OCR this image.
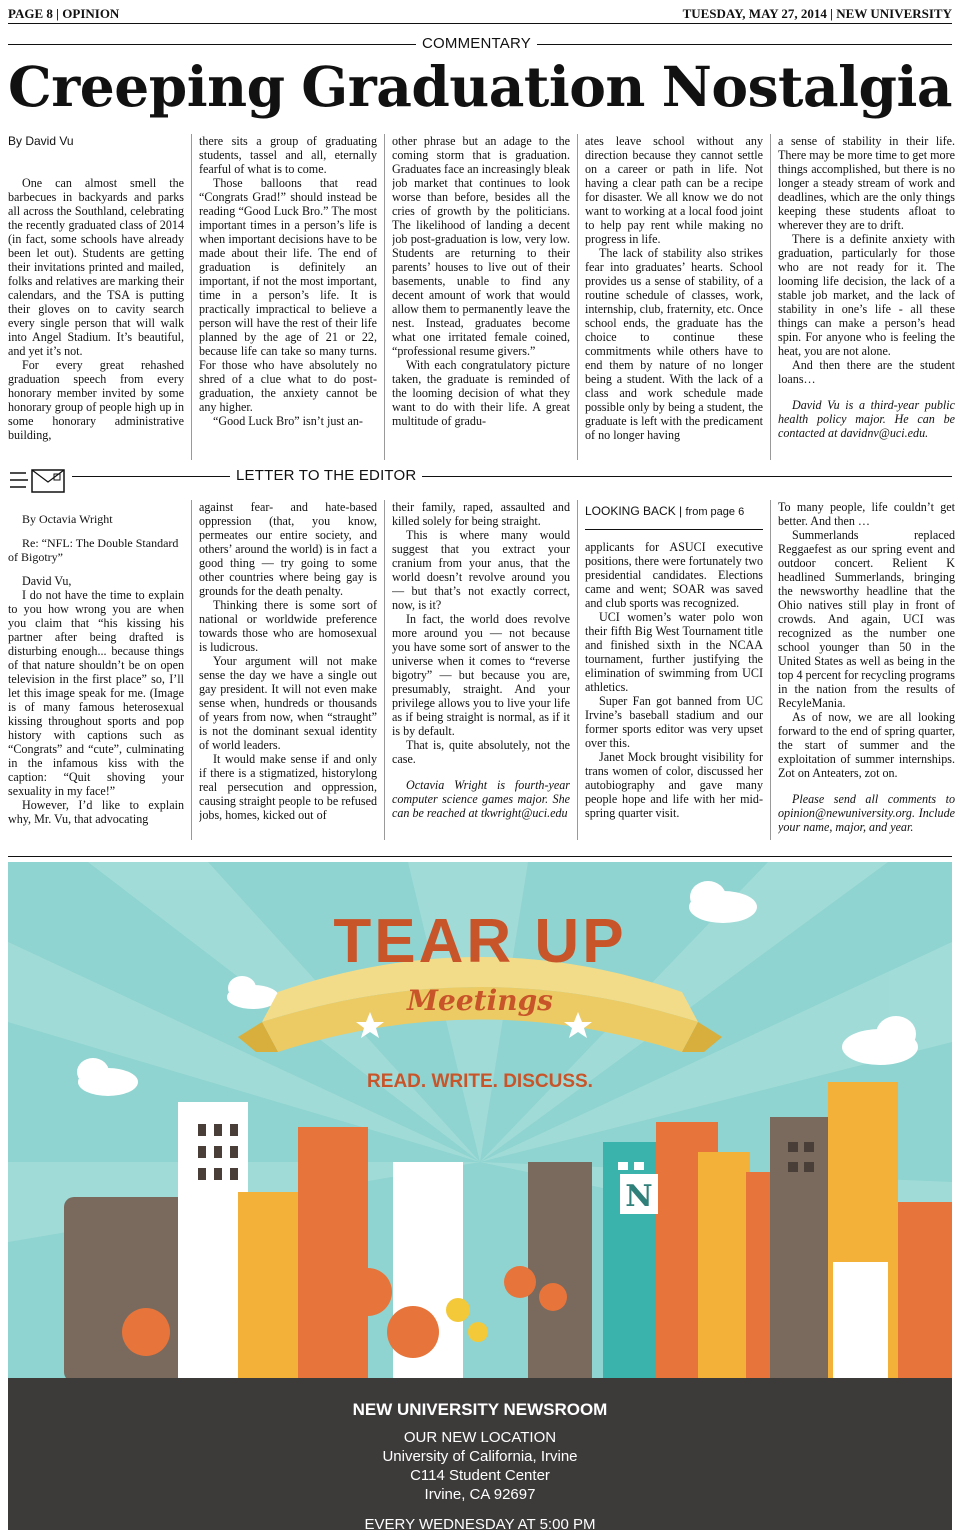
PAGE 8 | OPINION	TUESDAY, MAY 27, 2014 | NEW UNIVERSITY
COMMENTARY
Creeping Graduation Nostalgia
By David Vu

One can almost smell the barbecues in backyards and parks all across the Southland, celebrating the recently graduated class of 2014 (in fact, some schools have already been let out). Students are getting their invitations printed and mailed, folks and relatives are marking their calendars, and the TSA is putting their gloves on to cavity search every single person that will walk into Angel Stadium. It’s beautiful, and yet it’s not.

For every great rehashed graduation speech from every honorary member invited by some honorary group of people high up in some honorary administrative building,

there sits a group of graduating students, tassel and all, eternally fearful of what is to come.

Those balloons that read “Congrats Grad!” should instead be reading “Good Luck Bro.” The most important times in a person’s life is when important decisions have to be made about their life. The end of graduation is definitely an important, if not the most important, time in a person’s life. It is practically impractical to believe a person will have the rest of their life planned by the age of 21 or 22, because life can take so many turns. For those who have absolutely no shred of a clue what to do post-graduation, the anxiety cannot be any higher.

“Good Luck Bro” isn’t just an-

other phrase but an adage to the coming storm that is graduation. Graduates face an increasingly bleak job market that continues to look worse than before, besides all the cries of growth by the politicians. The likelihood of landing a decent job post-graduation is low, very low. Students are returning to their parents’ houses to live out of their basements, unable to find any decent amount of work that would allow them to permanently leave the nest. Instead, graduates become what one irritated female coined, “professional resume givers.”

With each congratulatory picture taken, the graduate is reminded of the looming decision of what they want to do with their life. A great multitude of gradu-

ates leave school without any direction because they cannot settle on a career or path in life. Not having a clear path can be a recipe for disaster. We all know we do not want to working at a local food joint to help pay rent while making no progress in life.

The lack of stability also strikes fear into graduates’ hearts. School provides us a sense of stability, of a routine schedule of classes, work, internship, club, fraternity, etc. Once school ends, the graduate has the choice to continue these commitments while others have to end them by nature of no longer being a student. With the lack of a class and work schedule made possible only by being a student, the graduate is left with the predicament of no longer having

a sense of stability in their life. There may be more time to get more things accomplished, but there is no longer a steady stream of work and deadlines, which are the only things keeping these students afloat to wherever they are to drift.

There is a definite anxiety with graduation, particularly for those who are not ready for it. The looming life decision, the lack of a stable job market, and the lack of stability in one’s life - all these things can make a person’s head spin. For anyone who is feeling the heat, you are not alone.

And then there are the student loans…

David Vu is a third-year public health policy major. He can be contacted at davidnv@uci.edu.

LETTER TO THE EDITOR
By Octavia Wright
Re: “NFL: The Double Standard of Bigotry”

David Vu,

I do not have the time to explain to you how wrong you are when you claim that “his kissing his partner after being drafted is disturbing enough... because things of that nature shouldn’t be on open television in the first place” so, I’ll let this image speak for me. (Image is of many famous heterosexual kissing throughout sports and pop history with captions such as “Congrats” and “cute”, culminating in the infamous kiss with the caption: “Quit shoving your sexuality in my face!”

However, I’d like to explain why, Mr. Vu, that advocating

against fear- and hate-based oppression (that, you know, permeates our entire society, and others’ around the world) is in fact a good thing — try going to some other countries where being gay is grounds for the death penalty.

Thinking there is some sort of national or worldwide preference towards those who are homosexual is ludicrous.

Your argument will not make sense the day we have a single out gay president. It will not even make sense when, hundreds or thousands of years from now, when “straught” is not the dominant sexual identity of world leaders.

It would make sense if and only if there is a stigmatized, historylong real persecution and oppression, causing straight people to be refused jobs, homes, kicked out of

their family, raped, assaulted and killed solely for being straight.

This is where many would suggest that you extract your cranium from your anus, that the world doesn’t revolve around you — but that’s not exactly correct, now, is it?

In fact, the world does revolve more around you — not because you have some sort of answer to the universe when it comes to “reverse bigotry” — but because you are, presumably, straight. And your privilege allows you to live your life as if being straight is normal, as if it is by default.

That is, quite absolutely, not the case.

Octavia Wright is fourth-year computer science games major. She can be reached at tkwright@uci.edu

LOOKING BACK | from page 6

applicants for ASUCI executive positions, there were fortunately two presidential candidates. Elections came and went; SOAR was saved and club sports was recognized.

UCI women’s water polo won their fifth Big West Tournament title and finished sixth in the NCAA tournament, further justifying the elimination of swimming from UCI athletics.

Super Fan got banned from UC Irvine’s baseball stadium and our former sports editor was very upset over this.

Janet Mock brought visibility for trans women of color, discussed her autobiography and gave many people hope and life with her mid-spring quarter visit.

To many people, life couldn’t get better. And then …

Summerlands replaced Reggaefest as our spring event and outdoor concert. Relient K headlined Summerlands, bringing the newsworthy headline that the Ohio natives still play in front of crowds. And again, UCI was recognized as the number one school younger than 50 in the United States as well as being in the top 4 percent for recycling programs in the nation from the results of RecyleMania.

As of now, we are all looking forward to the end of spring quarter, the start of summer and the exploitation of summer internships. Zot on Anteaters, zot on.

Please send all comments to opinion@newuniversity.org. Include your name, major, and year.

N
TEAR UP
Meetings
READ. WRITE. DISCUSS.
NEW UNIVERSITY NEWSROOM
OUR NEW LOCATION
University of California, Irvine
C114 Student Center
Irvine, CA 92697
EVERY WEDNESDAY AT 5:00 PM
